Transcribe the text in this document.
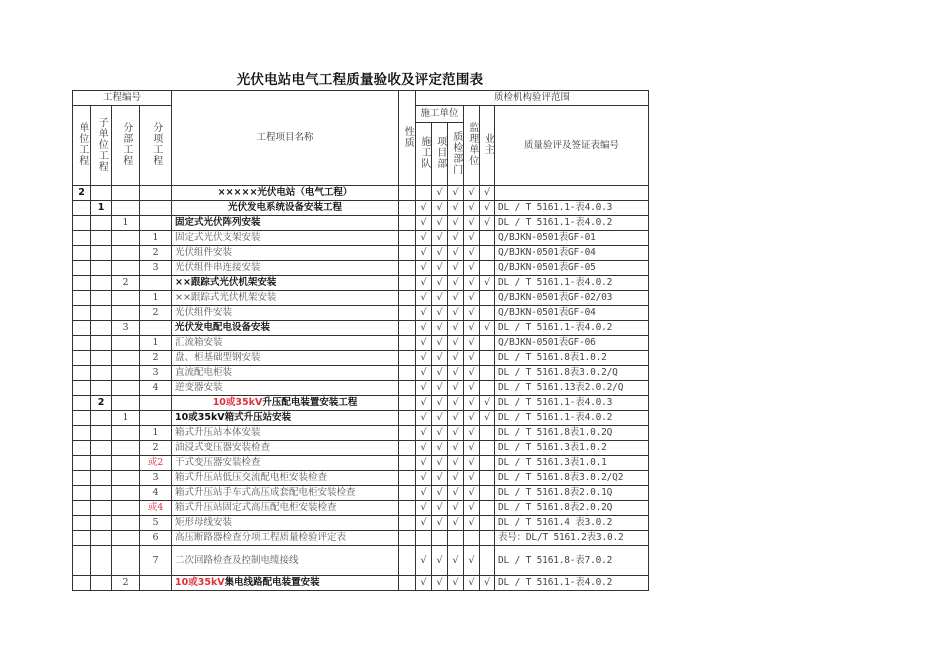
光伏电站电气工程质量验收及评定范围表
工程编号				工程项目名称	性质	质检机构验评范围					
单位工程	子单位工程	分部工程	分项工程			施工单位			监理单位	业主	质量验评及签证表编号
						施工队	项目部	质检部门			
2				×××××光伏电站（电气工程）			√	√	√	√	
	1			光伏发电系统设备安装工程		√	√	√	√	√	DL / T 5161.1-表4.0.3
		1		固定式光伏阵列安装		√	√	√	√	√	DL / T 5161.1-表4.0.2
			1	固定式光伏支架安装		√	√	√	√		Q/BJKN-0501表GF-01
			2	光伏组件安装		√	√	√	√		Q/BJKN-0501表GF-04
			3	光伏组件串连接安装		√	√	√	√		Q/BJKN-0501表GF-05
		2		××跟踪式光伏机架安装		√	√	√	√	√	DL / T 5161.1-表4.0.2
			1	××跟踪式光伏机架安装		√	√	√	√		Q/BJKN-0501表GF-02/03
			2	光伏组件安装		√	√	√	√		Q/BJKN-0501表GF-04
		3		光伏发电配电设备安装		√	√	√	√	√	DL / T 5161.1-表4.0.2
			1	汇流箱安装		√	√	√	√		Q/BJKN-0501表GF-06
			2	盘、柜基础型钢安装		√	√	√	√		DL / T 5161.8表1.0.2
			3	直流配电柜装		√	√	√	√		DL / T 5161.8表3.0.2/Q
			4	逆变器安装		√	√	√	√		DL / T 5161.13表2.0.2/Q
	2			10或35kV升压配电装置安装工程		√	√	√	√	√	DL / T 5161.1-表4.0.3
		1		10或35kV箱式升压站安装		√	√	√	√	√	DL / T 5161.1-表4.0.2
			1	箱式升压站本体安装		√	√	√	√		DL / T 5161.8表1.0.2Q
			2	油浸式变压器安装检查		√	√	√	√		DL / T 5161.3表1.0.2
			或2	干式变压器安装检查		√	√	√	√		DL / T 5161.3表1.0.1
			3	箱式升压站低压交流配电柜安装检查		√	√	√	√		DL / T 5161.8表3.0.2/Q2
			4	箱式升压站手车式高压成套配电柜安装检查		√	√	√	√		DL / T 5161.8表2.0.1Q
			或4	箱式升压站固定式高压配电柜安装检查		√	√	√	√		DL / T 5161.8表2.0.2Q
			5	矩形母线安装		√	√	√	√		DL / T 5161.4 表3.0.2
			6	高压断路器检查分项工程质量检验评定表							表号：DL/T 5161.2表3.0.2
			7	二次回路检查及控制电缆接线		√	√	√	√		DL / T 5161.8-表7.0.2
		2		10或35kV集电线路配电装置安装		√	√	√	√	√	DL / T 5161.1-表4.0.2
